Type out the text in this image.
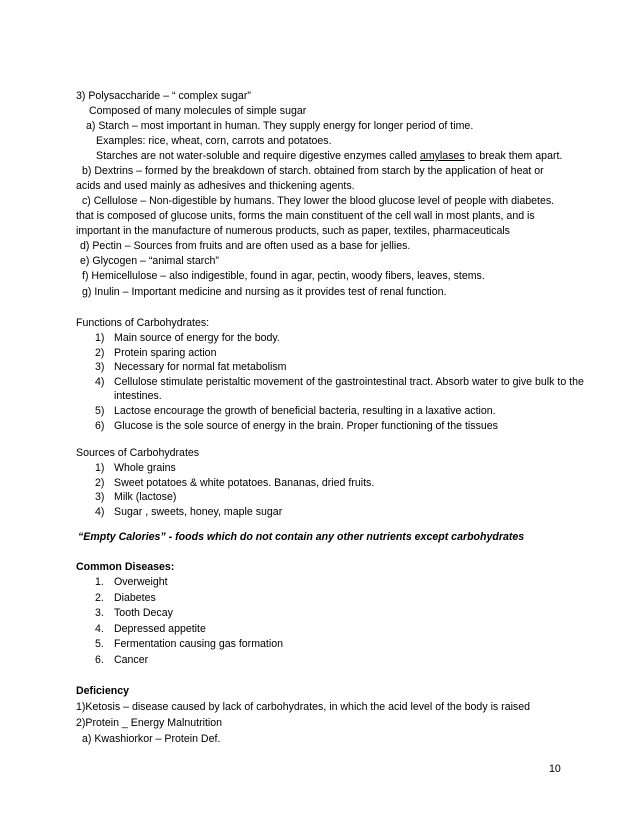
3) Polysaccharide – “ complex sugar”
Composed of many molecules of simple sugar
a) Starch – most important in human. They supply energy for longer period of time.
Examples: rice, wheat, corn, carrots and potatoes.
Starches are not water-soluble and require digestive enzymes called amylases to break them apart.
b) Dextrins – formed by the breakdown of starch. obtained from starch by the application of heat or
acids and used mainly as adhesives and thickening agents.
c) Cellulose – Non-digestible by humans. They lower the blood glucose level of people with diabetes.
that is composed of glucose units, forms the main constituent of the cell wall in most plants, and is
important in the manufacture of numerous products, such as paper, textiles, pharmaceuticals
d) Pectin – Sources from fruits and are often used as a base for jellies.
e) Glycogen – “animal starch”
f) Hemicellulose – also indigestible, found in agar, pectin, woody fibers, leaves, stems.
g) Inulin – Important medicine and nursing as it provides test of renal function.
Functions of Carbohydrates:
1) Main source of energy for the body.
2) Protein sparing action
3) Necessary for normal fat metabolism
4) Cellulose stimulate peristaltic movement of the gastrointestinal tract. Absorb water to give bulk to the intestines.
5) Lactose encourage the growth of beneficial bacteria, resulting in a laxative action.
6) Glucose is the sole source of energy in the brain. Proper functioning of the tissues
Sources of Carbohydrates
1) Whole grains
2) Sweet potatoes & white potatoes. Bananas, dried fruits.
3) Milk (lactose)
4) Sugar , sweets, honey, maple sugar
“Empty Calories” - foods which do not contain any other nutrients except carbohydrates
Common Diseases:
1. Overweight
2. Diabetes
3. Tooth Decay
4. Depressed appetite
5. Fermentation causing gas formation
6. Cancer
Deficiency
1)Ketosis – disease caused by lack of carbohydrates, in which the acid level of the body is raised
2)Protein _ Energy Malnutrition
a) Kwashiorkor – Protein Def.
10
